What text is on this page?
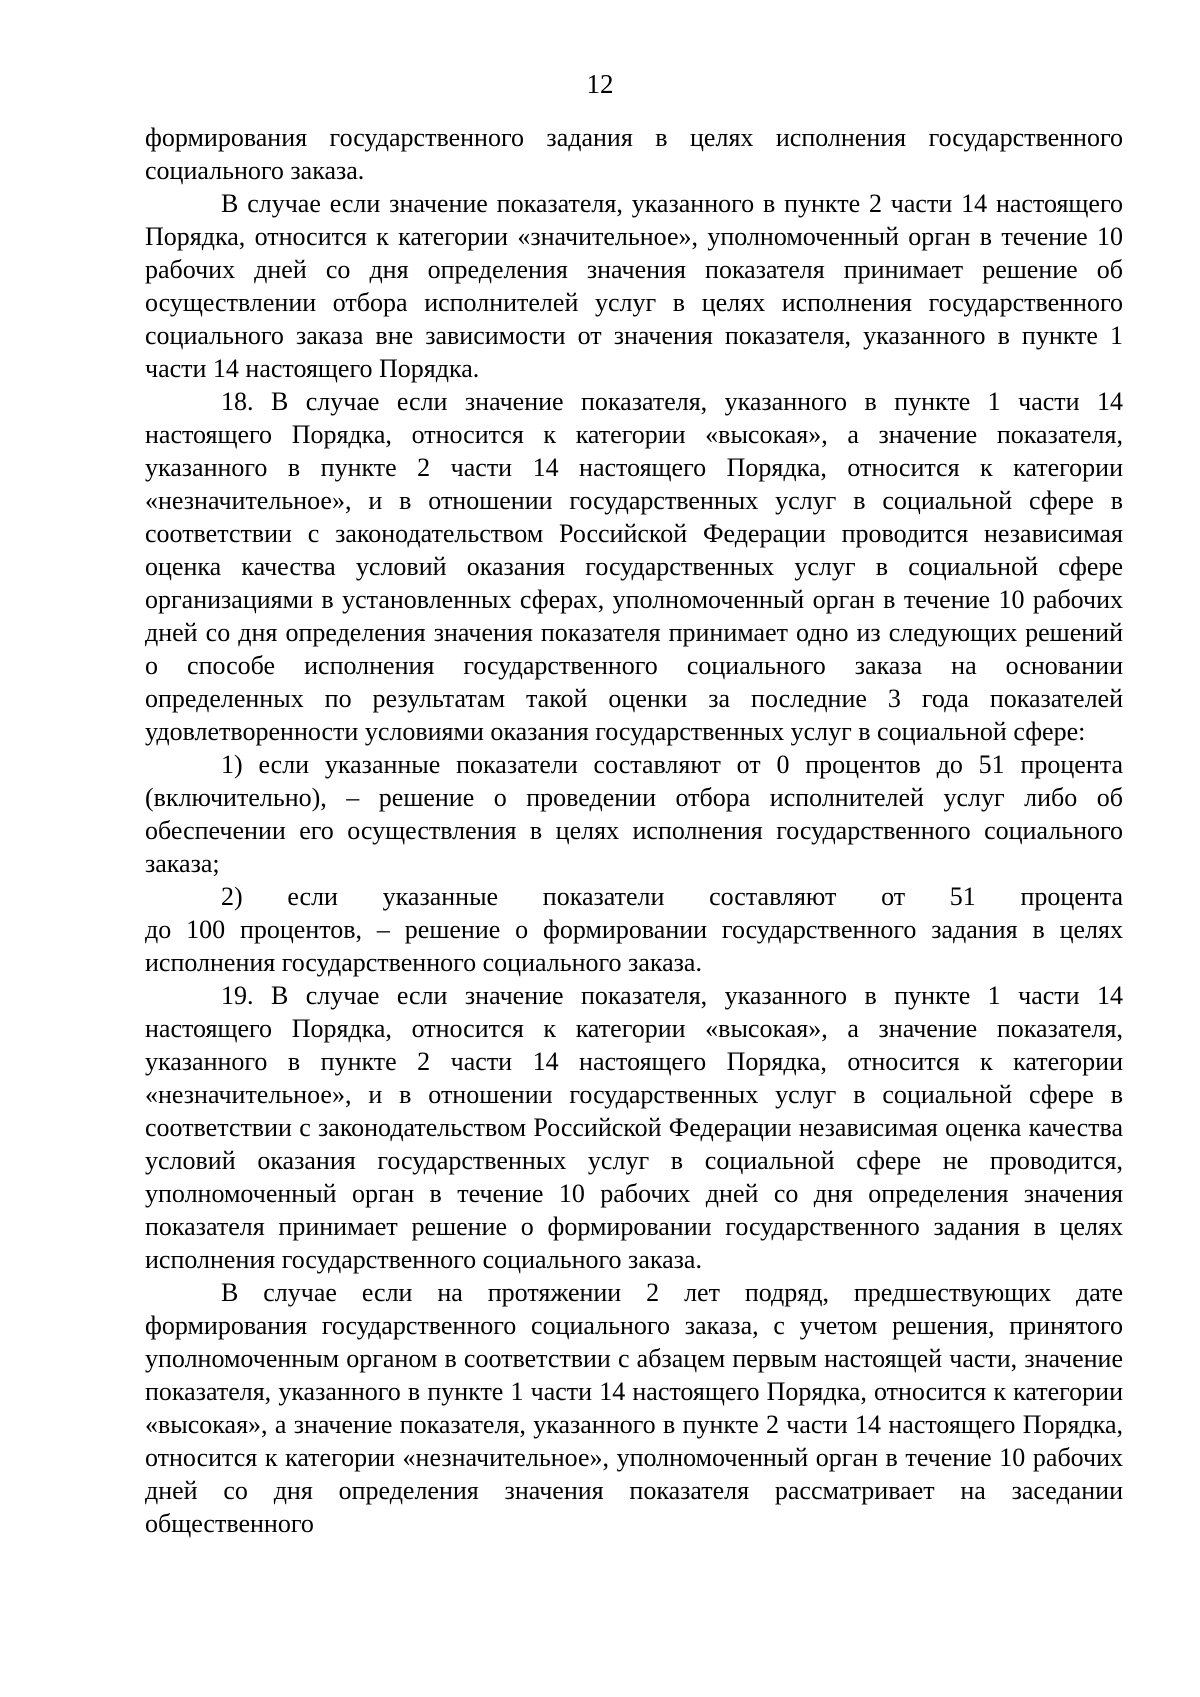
12

формирования государственного задания в целях исполнения государственного социального заказа.

В случае если значение показателя, указанного в пункте 2 части 14 настоящего Порядка, относится к категории «значительное», уполномоченный орган в течение 10 рабочих дней со дня определения значения показателя принимает решение об осуществлении отбора исполнителей услуг в целях исполнения государственного социального заказа вне зависимости от значения показателя, указанного в пункте 1 части 14 настоящего Порядка.

18. В случае если значение показателя, указанного в пункте 1 части 14 настоящего Порядка, относится к категории «высокая», а значение показателя, указанного в пункте 2 части 14 настоящего Порядка, относится к категории «незначительное», и в отношении государственных услуг в социальной сфере в соответствии с законодательством Российской Федерации проводится независимая оценка качества условий оказания государственных услуг в социальной сфере организациями в установленных сферах, уполномоченный орган в течение 10 рабочих дней со дня определения значения показателя принимает одно из следующих решений о способе исполнения государственного социального заказа на основании определенных по результатам такой оценки за последние 3 года показателей удовлетворенности условиями оказания государственных услуг в социальной сфере:

1) если указанные показатели составляют от 0 процентов до 51 процента (включительно), – решение о проведении отбора исполнителей услуг либо об обеспечении его осуществления в целях исполнения государственного социального заказа;

2) если указанные показатели составляют от 51 процента

до 100 процентов, – решение о формировании государственного задания в целях исполнения государственного социального заказа.

19. В случае если значение показателя, указанного в пункте 1 части 14 настоящего Порядка, относится к категории «высокая», а значение показателя, указанного в пункте 2 части 14 настоящего Порядка, относится к категории «незначительное», и в отношении государственных услуг в социальной сфере в соответствии с законодательством Российской Федерации независимая оценка качества условий оказания государственных услуг в социальной сфере не проводится, уполномоченный орган в течение 10 рабочих дней со дня определения значения показателя принимает решение о формировании государственного задания в целях исполнения государственного социального заказа.

В случае если на протяжении 2 лет подряд, предшествующих дате формирования государственного социального заказа, с учетом решения, принятого уполномоченным органом в соответствии с абзацем первым настоящей части, значение показателя, указанного в пункте 1 части 14 настоящего Порядка, относится к категории «высокая», а значение показателя, указанного в пункте 2 части 14 настоящего Порядка, относится к категории «незначительное», уполномоченный орган в течение 10 рабочих дней со дня определения значения показателя рассматривает на заседании общественного
